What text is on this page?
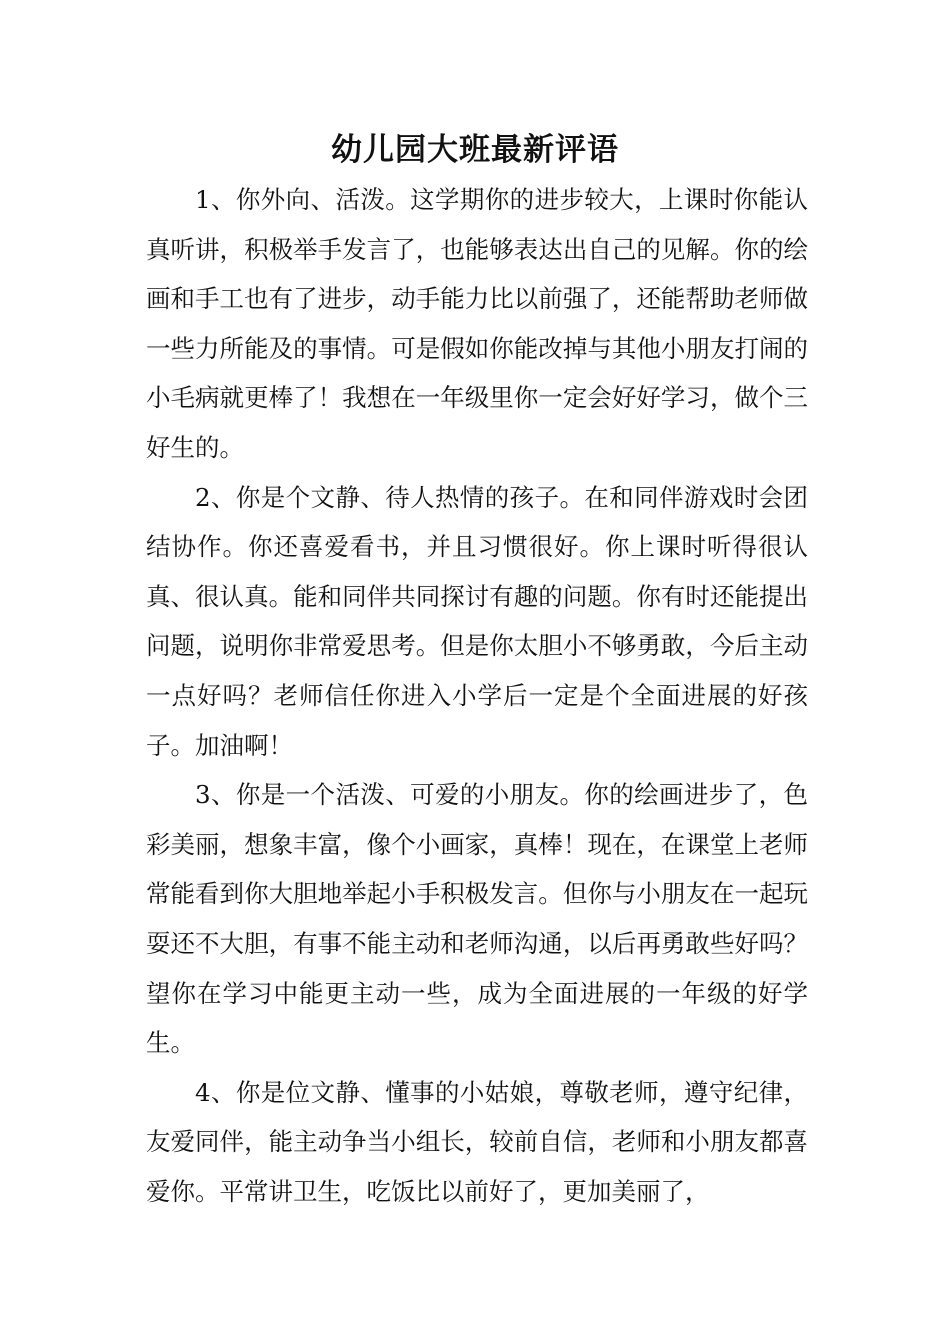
幼儿园大班最新评语

1、你外向、活泼。这学期你的进步较大，上课时你能认真听讲，积极举手发言了，也能够表达出自己的见解。你的绘画和手工也有了进步，动手能力比以前强了，还能帮助老师做一些力所能及的事情。可是假如你能改掉与其他小朋友打闹的小毛病就更棒了！我想在一年级里你一定会好好学习，做个三好生的。

2、你是个文静、待人热情的孩子。在和同伴游戏时会团结协作。你还喜爱看书，并且习惯很好。你上课时听得很认真、很认真。能和同伴共同探讨有趣的问题。你有时还能提出问题，说明你非常爱思考。但是你太胆小不够勇敢，今后主动一点好吗？老师信任你进入小学后一定是个全面进展的好孩子。加油啊！

3、你是一个活泼、可爱的小朋友。你的绘画进步了，色彩美丽，想象丰富，像个小画家，真棒！现在，在课堂上老师常能看到你大胆地举起小手积极发言。但你与小朋友在一起玩耍还不大胆，有事不能主动和老师沟通，以后再勇敢些好吗？望你在学习中能更主动一些，成为全面进展的一年级的好学生。

4、你是位文静、懂事的小姑娘，尊敬老师，遵守纪律，友爱同伴，能主动争当小组长，较前自信，老师和小朋友都喜爱你。平常讲卫生，吃饭比以前好了，更加美丽了，
